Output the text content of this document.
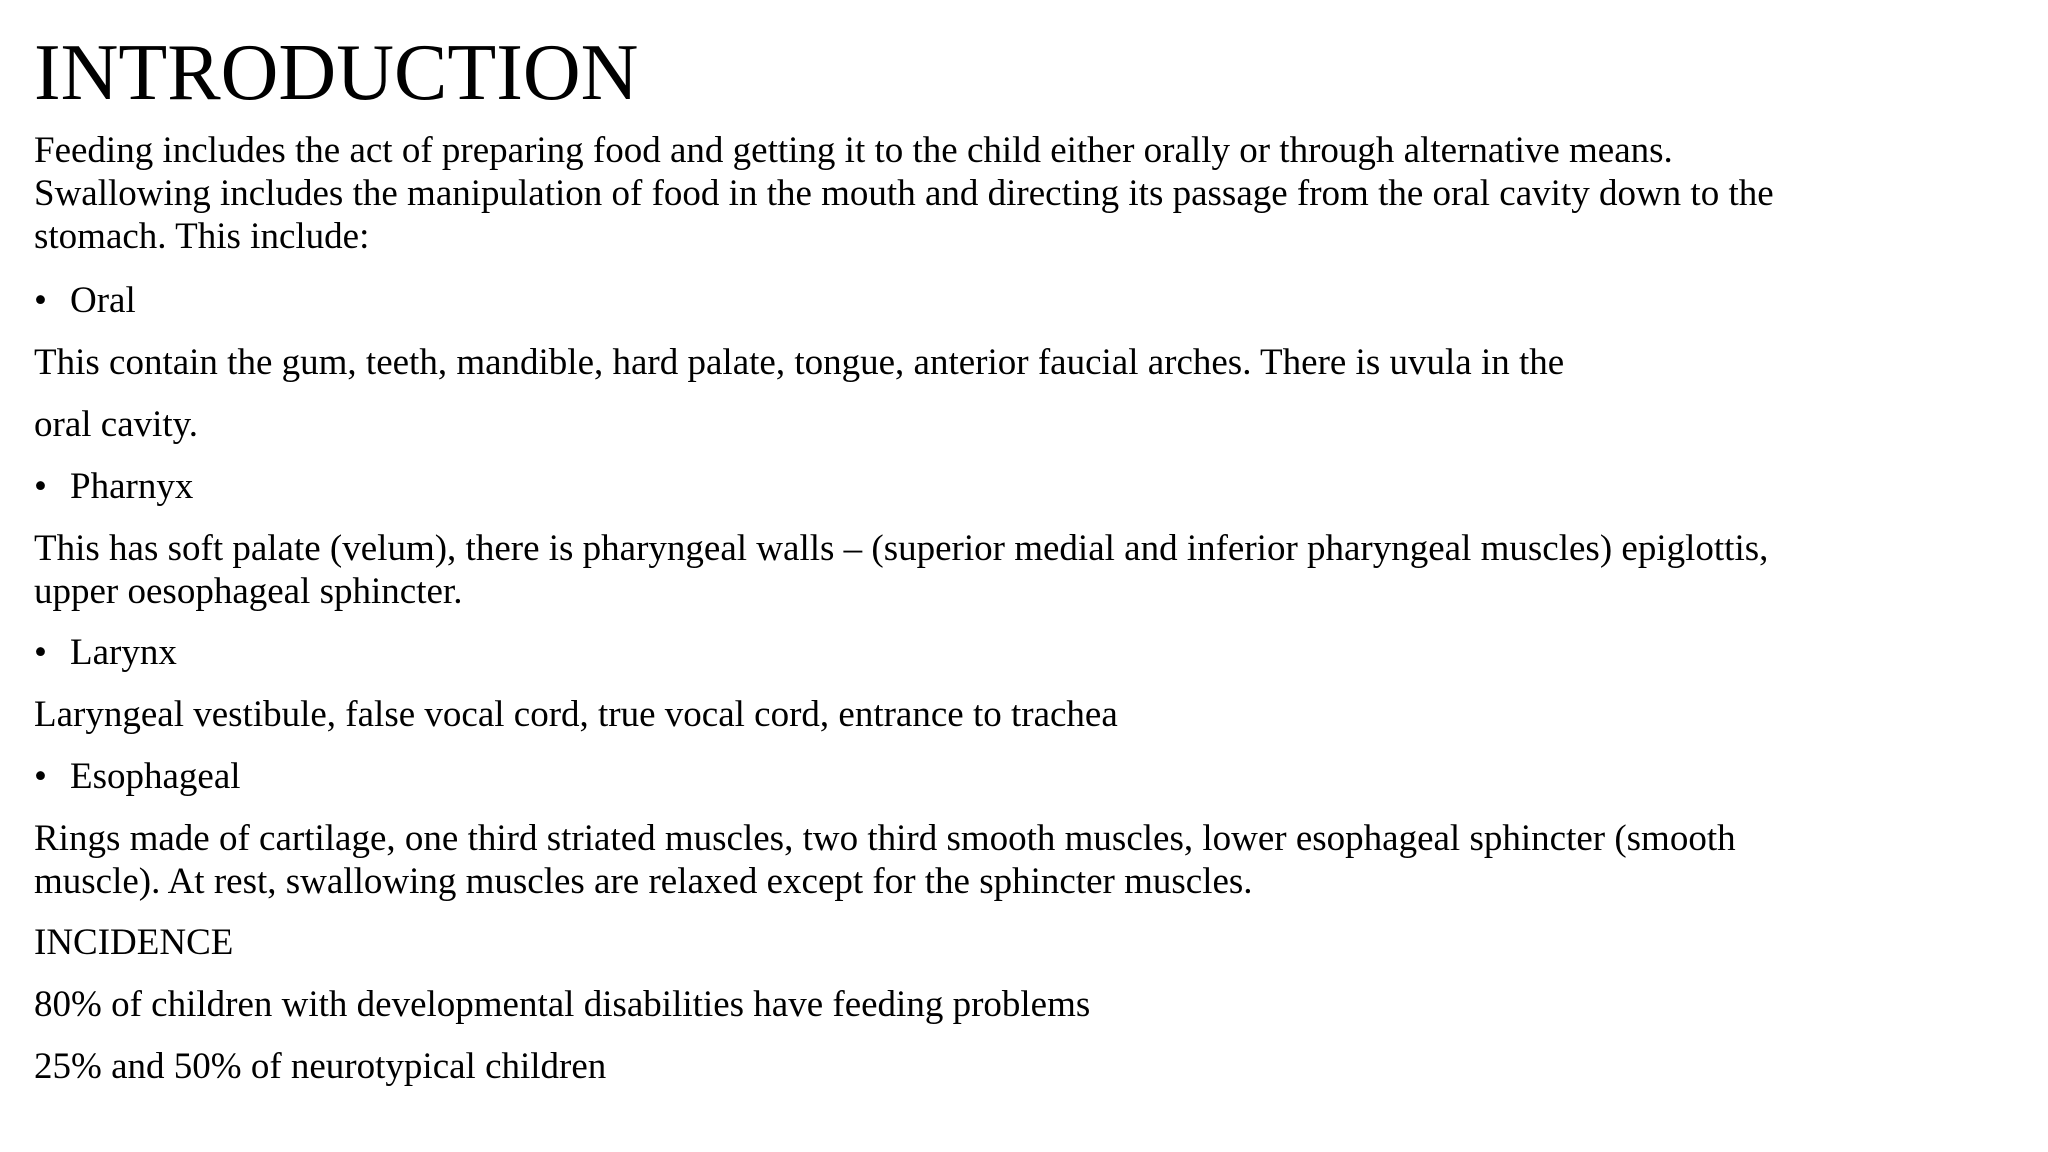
INTRODUCTION
Feeding includes the act of preparing food and getting it to the child either orally or through alternative means.
Swallowing includes the manipulation of food in the mouth and directing its passage from the oral cavity down to the
stomach. This include:
• Oral
This contain the gum, teeth, mandible, hard palate, tongue, anterior faucial arches. There is uvula in the
oral cavity.
• Pharnyx
This has soft palate (velum), there is pharyngeal walls – (superior medial and inferior pharyngeal muscles) epiglottis,
upper oesophageal sphincter.
• Larynx
Laryngeal vestibule, false vocal cord, true vocal cord, entrance to trachea
• Esophageal
Rings made of cartilage, one third striated muscles, two third smooth muscles, lower esophageal sphincter (smooth
muscle). At rest, swallowing muscles are relaxed except for the sphincter muscles.
INCIDENCE
80% of children with developmental disabilities have feeding problems
25% and 50% of neurotypical children
